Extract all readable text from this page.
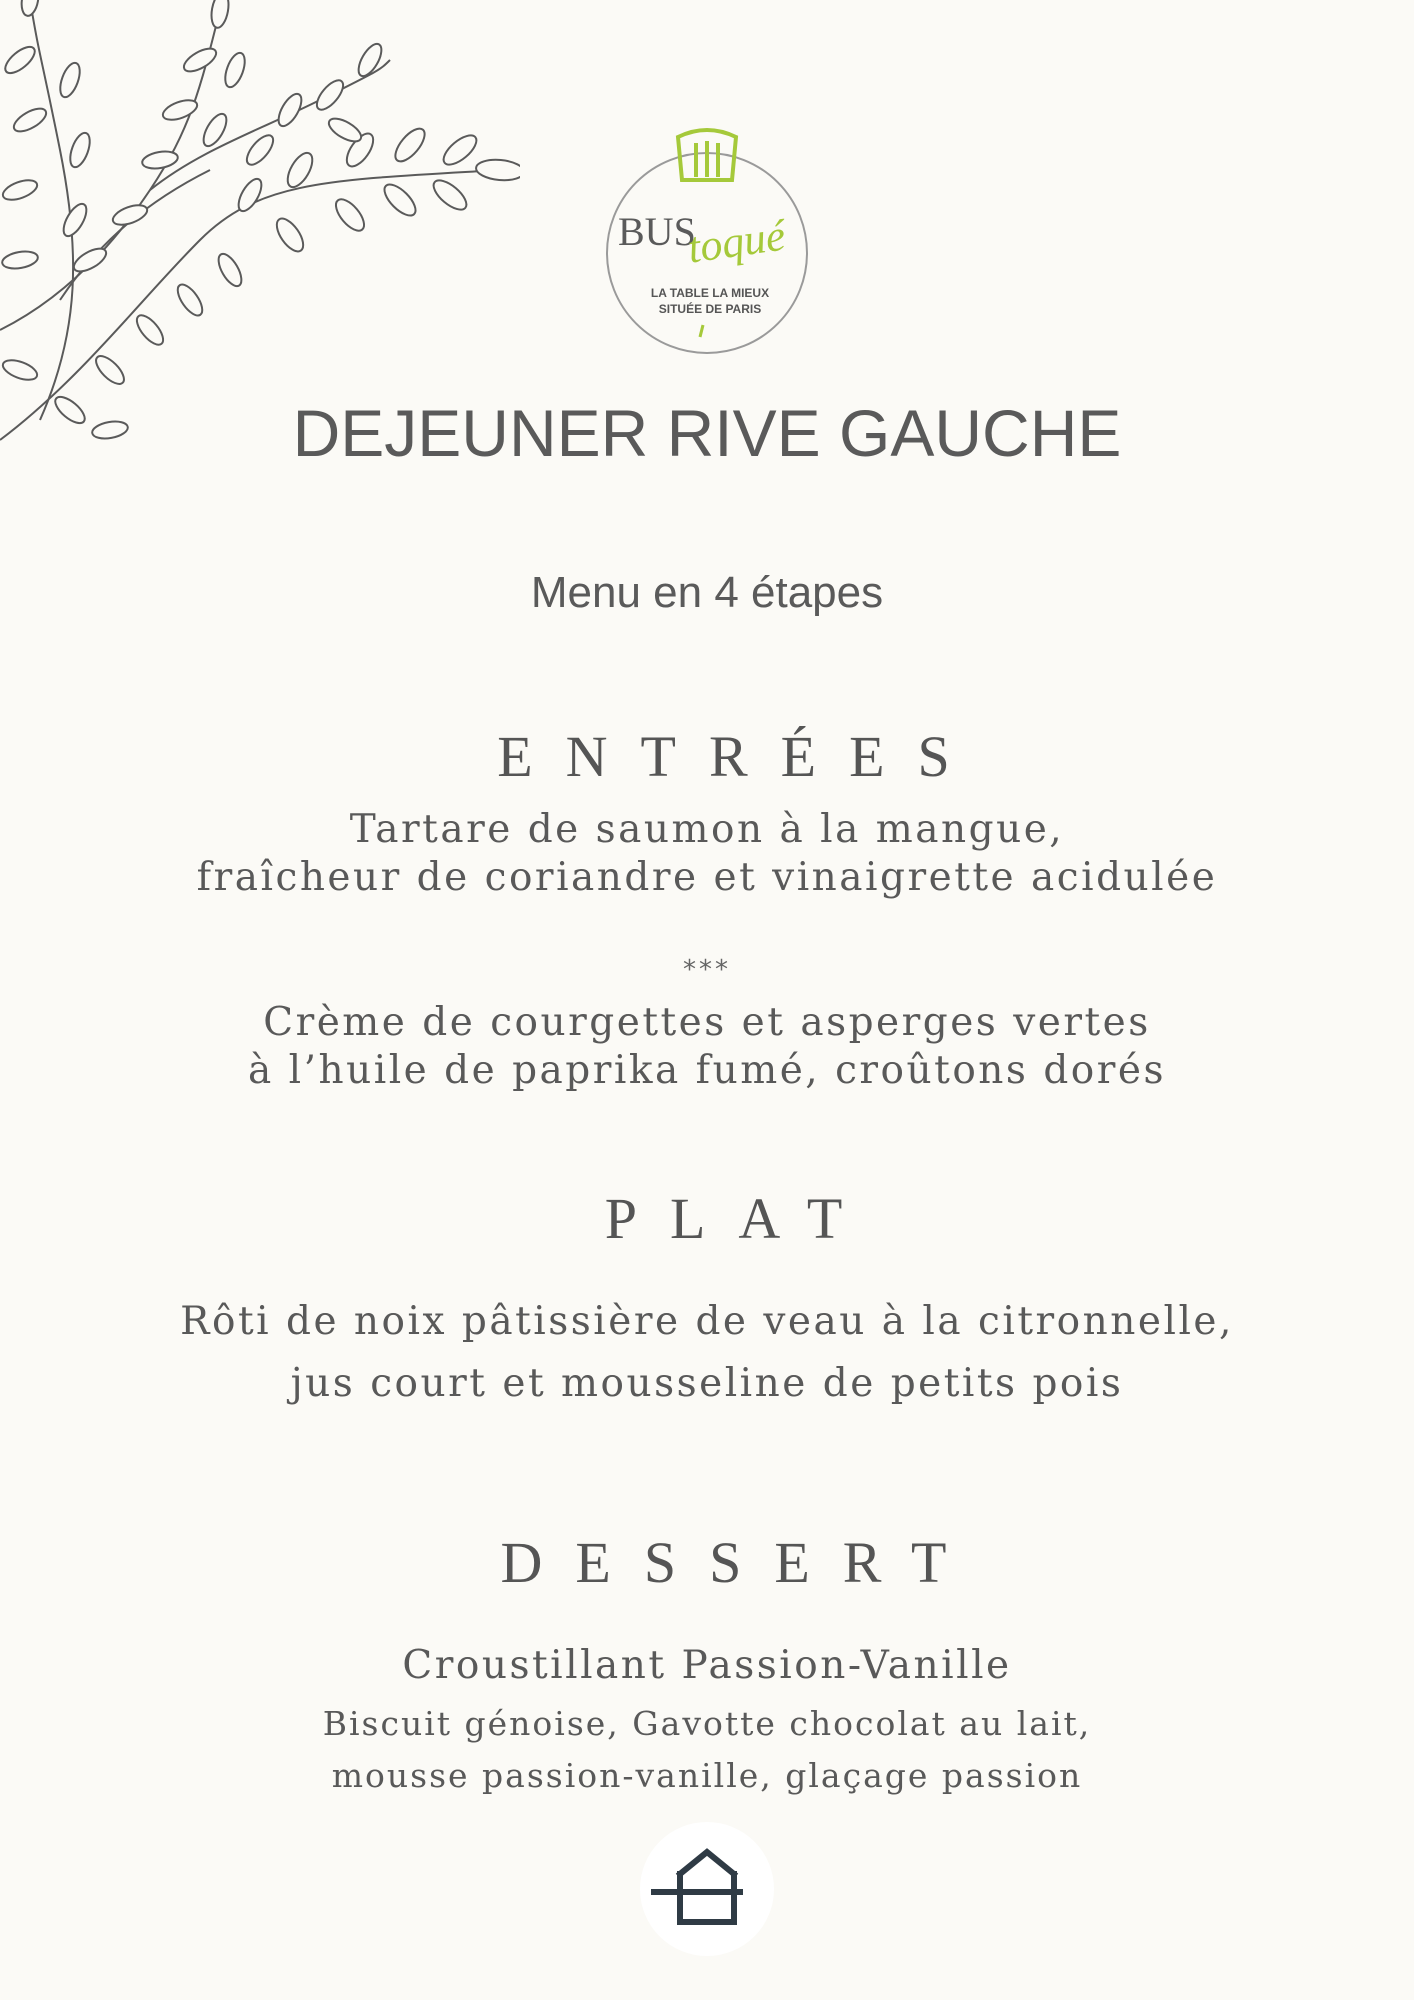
BUS
toqué
LA TABLE LA MIEUX
SITUÉE DE PARIS
DEJEUNER RIVE GAUCHE
Menu en 4 étapes
ENTRÉES
Tartare de saumon à la mangue,
fraîcheur de coriandre et vinaigrette acidulée
***
Crème de courgettes et asperges vertes
à l’huile de paprika fumé, croûtons dorés
PLAT
Rôti de noix pâtissière de veau à la citronnelle,
jus court et mousseline de petits pois
DESSERT
Croustillant Passion-Vanille
Biscuit génoise, Gavotte chocolat au lait,
mousse passion-vanille, glaçage passion
